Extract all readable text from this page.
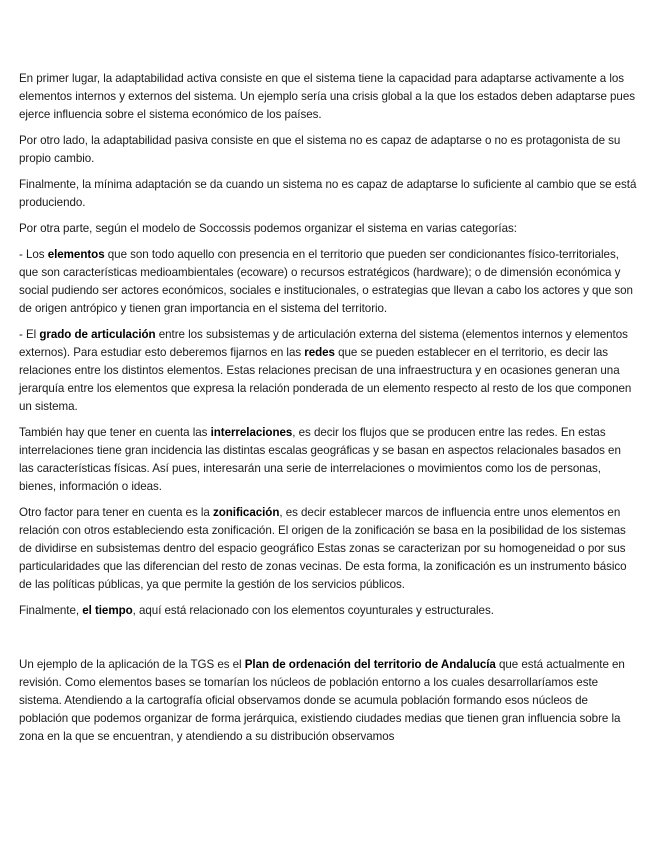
En primer lugar, la adaptabilidad activa consiste en que el sistema tiene la capacidad para adaptarse activamente a los elementos internos y externos del sistema. Un ejemplo sería una crisis global a la que los estados deben adaptarse pues ejerce influencia sobre el sistema económico de los países.

Por otro lado, la adaptabilidad pasiva consiste en que el sistema no es capaz de adaptarse o no es protagonista de su propio cambio.

Finalmente, la mínima adaptación se da cuando un sistema no es capaz de adaptarse lo suficiente al cambio que se está produciendo.

Por otra parte, según el modelo de Soccossis podemos organizar el sistema en varias categorías:

- Los elementos que son todo aquello con presencia en el territorio que pueden ser condicionantes físico-territoriales, que son características medioambientales (ecoware) o recursos estratégicos (hardware); o de dimensión económica y social pudiendo ser actores económicos, sociales e institucionales, o estrategias que llevan a cabo los actores y que son de origen antrópico y tienen gran importancia en el sistema del territorio.

- El grado de articulación entre los subsistemas y de articulación externa del sistema (elementos internos y elementos externos). Para estudiar esto deberemos fijarnos en las redes que se pueden establecer en el territorio, es decir las relaciones entre los distintos elementos. Estas relaciones precisan de una infraestructura y en ocasiones generan una jerarquía entre los elementos que expresa la relación ponderada de un elemento respecto al resto de los que componen un sistema.

También hay que tener en cuenta las interrelaciones, es decir los flujos que se producen entre las redes. En estas interrelaciones tiene gran incidencia las distintas escalas geográficas y se basan en aspectos relacionales basados en las características físicas. Así pues, interesarán una serie de interrelaciones o movimientos como los de personas, bienes, información o ideas.

Otro factor para tener en cuenta es la zonificación, es decir establecer marcos de influencia entre unos elementos en relación con otros estableciendo esta zonificación. El origen de la zonificación se basa en la posibilidad de los sistemas de dividirse en subsistemas dentro del espacio geográfico Estas zonas se caracterizan por su homogeneidad o por sus particularidades que las diferencian del resto de zonas vecinas. De esta forma, la zonificación es un instrumento básico de las políticas públicas, ya que permite la gestión de los servicios públicos.

Finalmente, el tiempo, aquí está relacionado con los elementos coyunturales y estructurales.

Un ejemplo de la aplicación de la TGS es el Plan de ordenación del territorio de Andalucía que está actualmente en revisión. Como elementos bases se tomarían los núcleos de población entorno a los cuales desarrollaríamos este sistema. Atendiendo a la cartografía oficial observamos donde se acumula población formando esos núcleos de población que podemos organizar de forma jerárquica, existiendo ciudades medias que tienen gran influencia sobre la zona en la que se encuentran, y atendiendo a su distribución observamos
